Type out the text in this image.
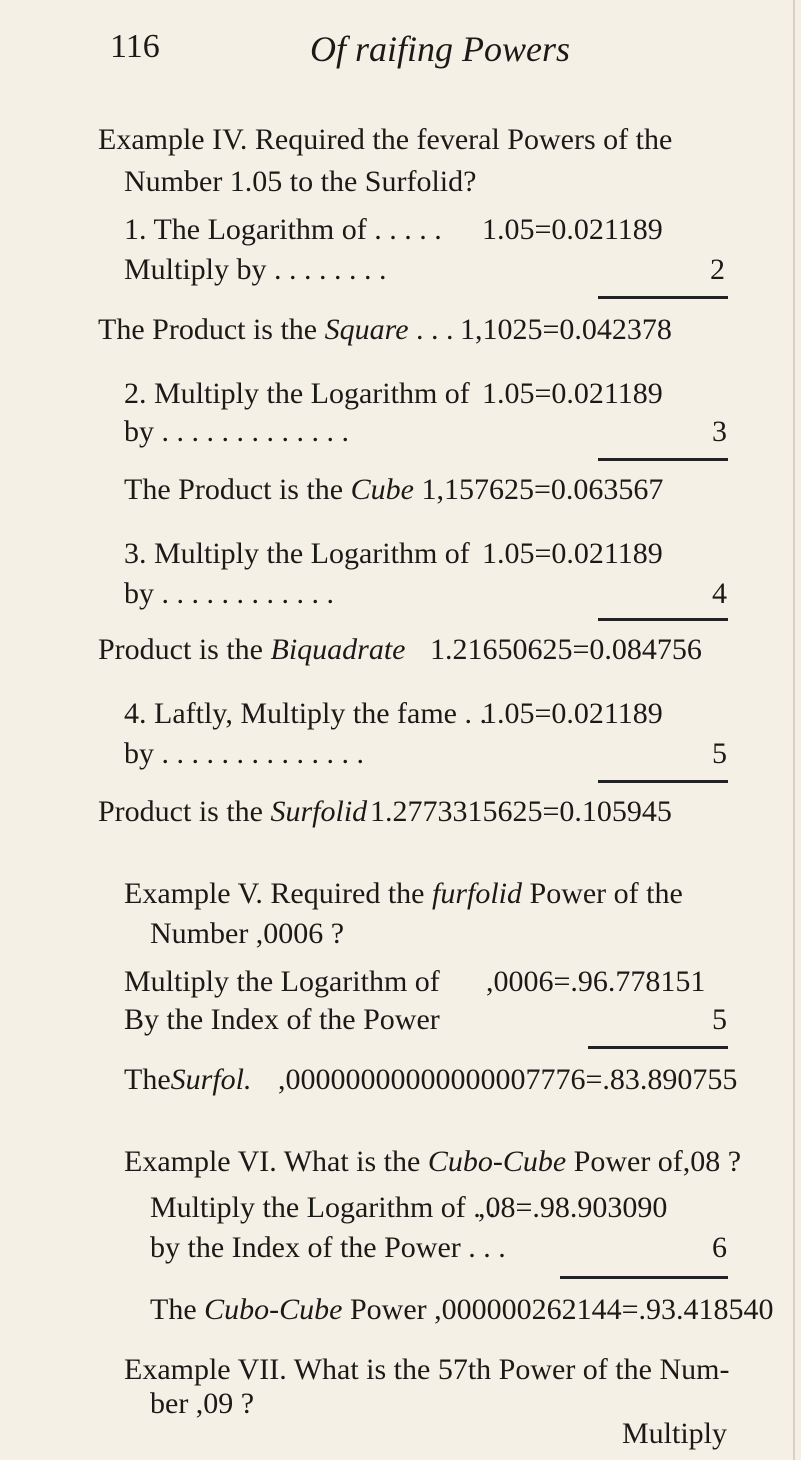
116	Of raifing Powers
Example IV. Required the feveral Powers of the
Number 1.05 to the Surfolid?
1. The Logarithm of . . . . . 1.05=0.021189
Multiply by . . . . . . . .	2
The Product is the Square . . . 1,1025=0.042378
2. Multiply the Logarithm of 1.05=0.021189
by . . . . . . . . . . . . .	3
The Product is the Cube 1,157625=0.063567
3. Multiply the Logarithm of 1.05=0.021189
by . . . . . . . . . . . .	4
Product is the Biquadrate 1.21650625=0.084756
4. Laftly, Multiply the fame . .
1.05=0.021189
by . . . . . . . . . . . . . .	5
Product is the Surfolid 1.2773315625=0.105945
Example V. Required the furfolid Power of the
Number ,0006 ?
Multiply the Logarithm of ,0006=.96.778151
By the Index of the Power	5
TheSurfol. ,00000000000000007776=.83.890755
Example VI. What is the Cubo-Cube Power of,08 ?
Multiply the Logarithm of . .
,08=.98.903090
by the Index of the Power . . .	6
The Cubo-Cube Power ,000000262144=.93.418540
Example VII. What is the 57th Power of the Num-
ber ,09 ?
Multiply
